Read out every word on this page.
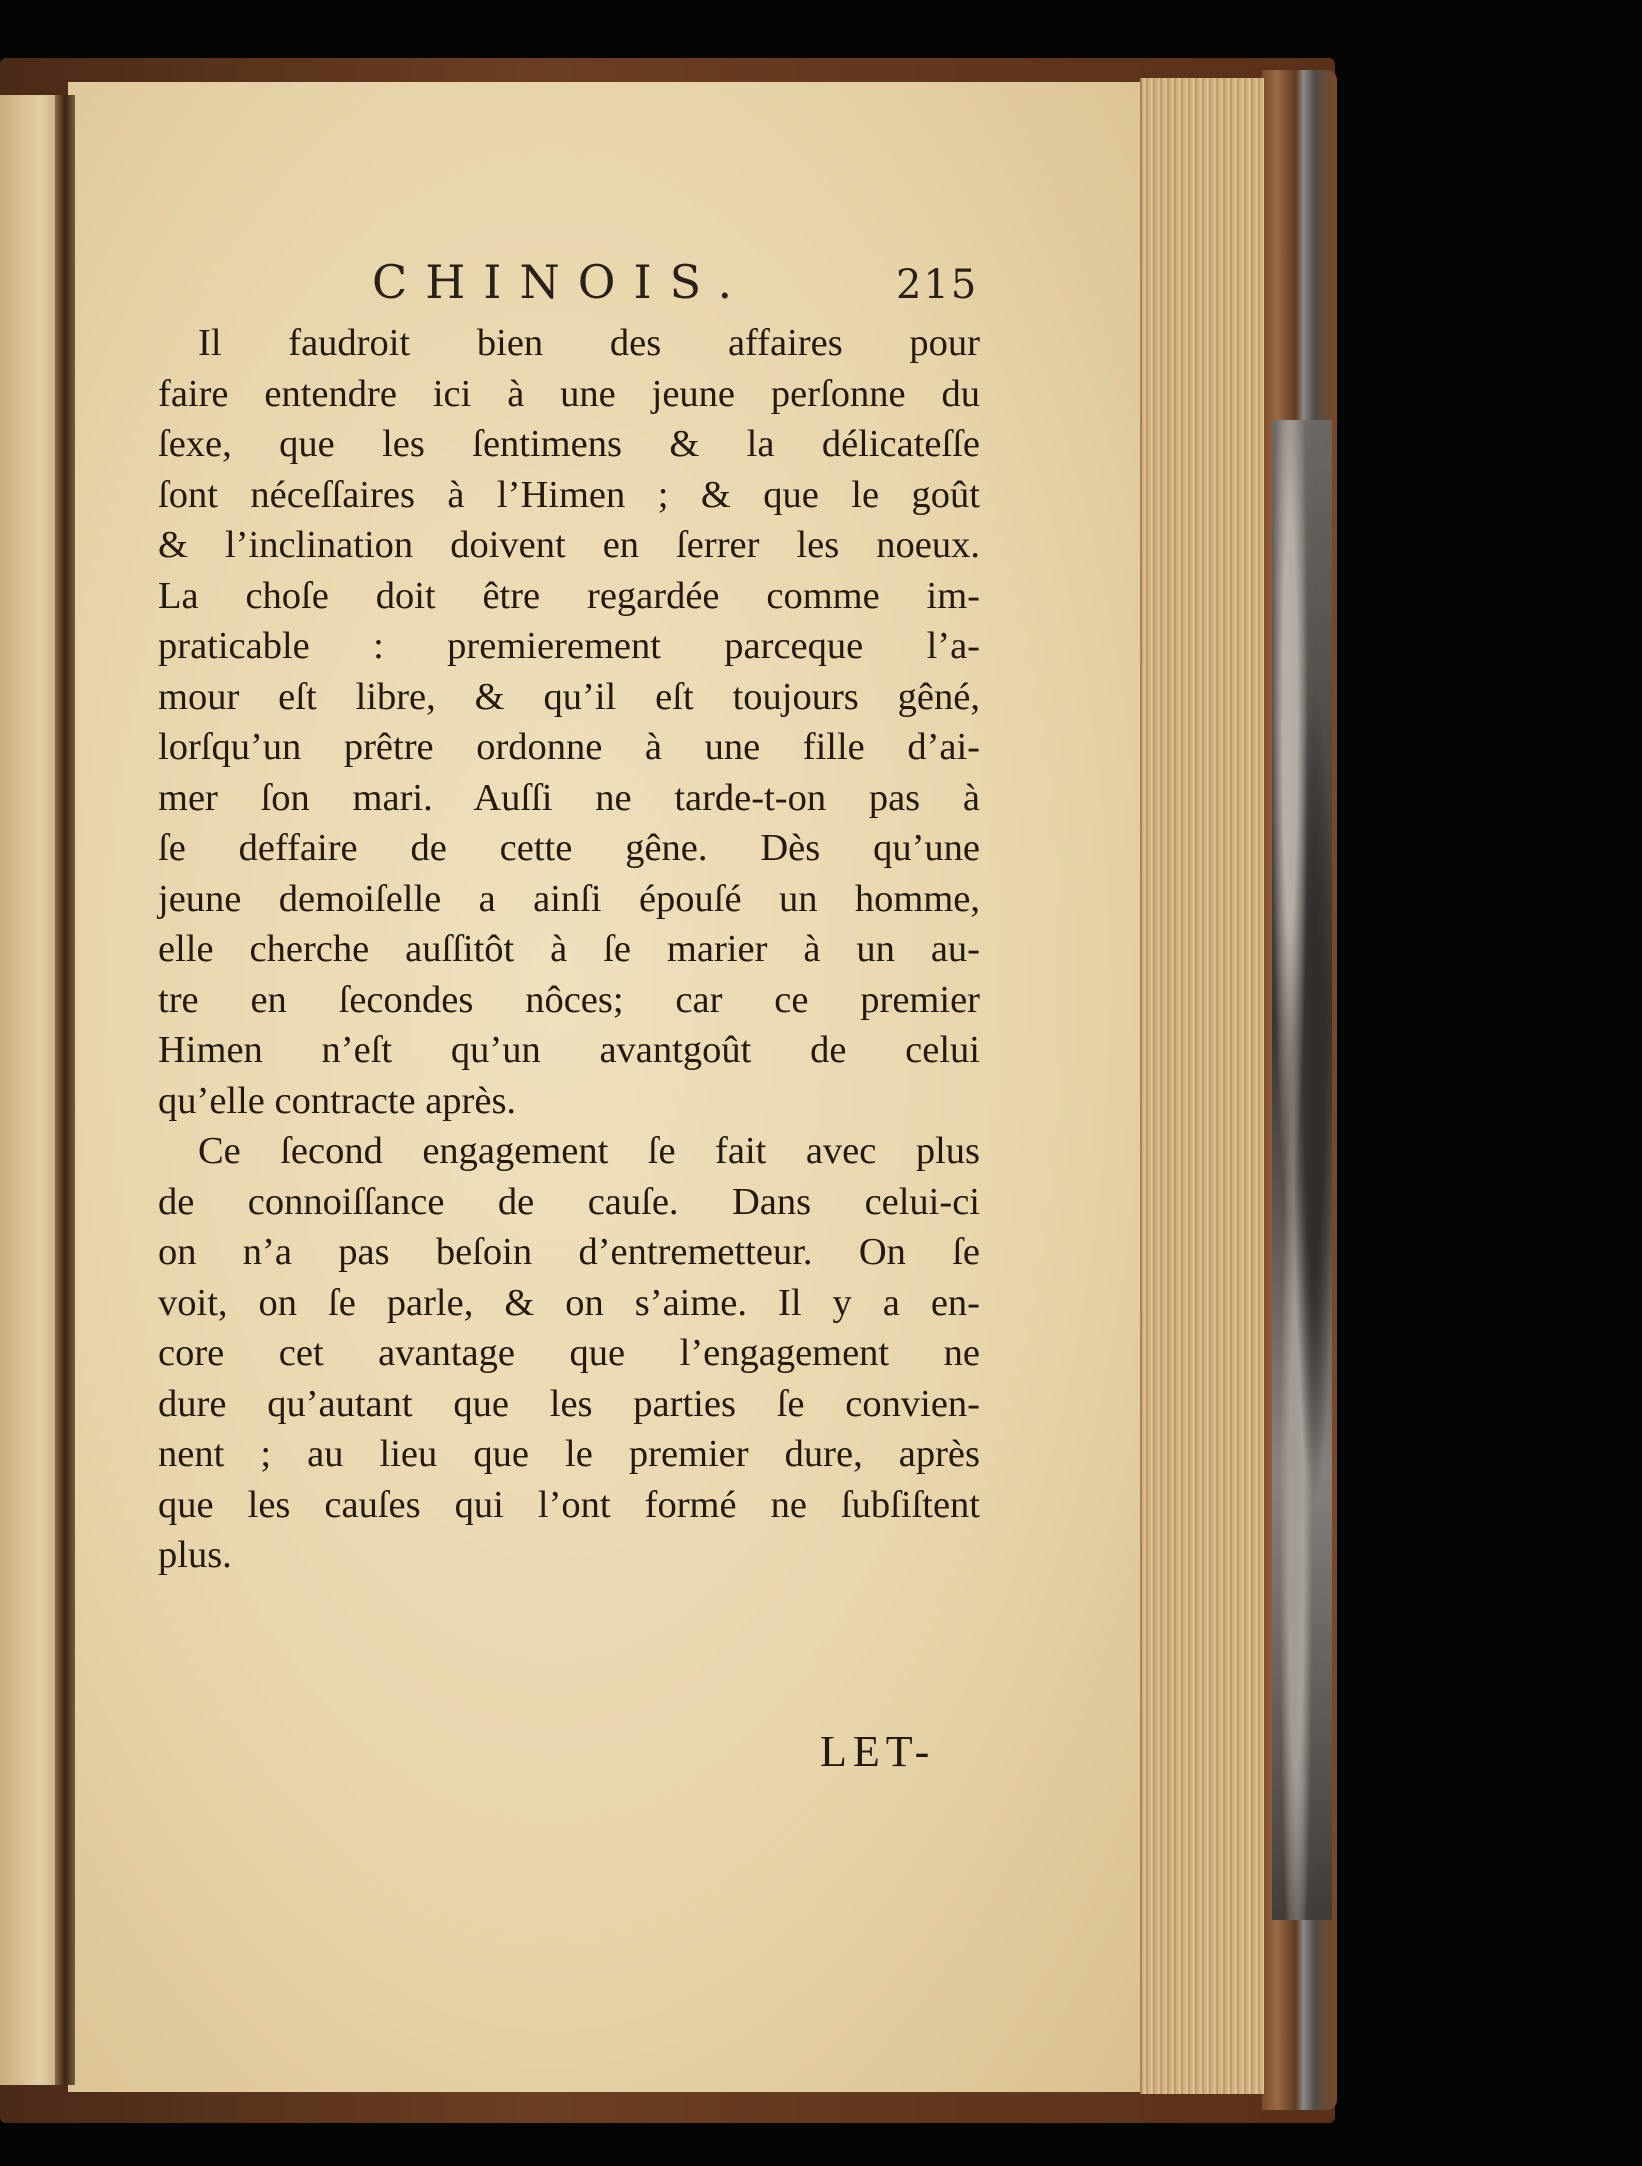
CHINOIS.	215
Il faudroit bien des affaires pour
faire entendre ici à une jeune perſonne du
ſexe, que les ſentimens & la délicateſſe
ſont néceſſaires à l’Himen ; & que le goût
& l’inclination doivent en ſerrer les noeux.
La choſe doit être regardée comme im-
praticable : premierement parceque l’a-
mour eſt libre, & qu’il eſt toujours gêné,
lorſqu’un prêtre ordonne à une fille d’ai-
mer ſon mari. Auſſi ne tarde-t-on pas à
ſe deffaire de cette gêne. Dès qu’une
jeune demoiſelle a ainſi épouſé un homme,
elle cherche auſſitôt à ſe marier à un au-
tre en ſecondes nôces; car ce premier
Himen n’eſt qu’un avantgoût de celui
qu’elle contracte après.
Ce ſecond engagement ſe fait avec plus
de connoiſſance de cauſe. Dans celui-ci
on n’a pas beſoin d’entremetteur. On ſe
voit, on ſe parle, & on s’aime. Il y a en-
core cet avantage que l’engagement ne
dure qu’autant que les parties ſe convien-
nent ; au lieu que le premier dure, après
que les cauſes qui l’ont formé ne ſubſiſtent
plus.
LET-
